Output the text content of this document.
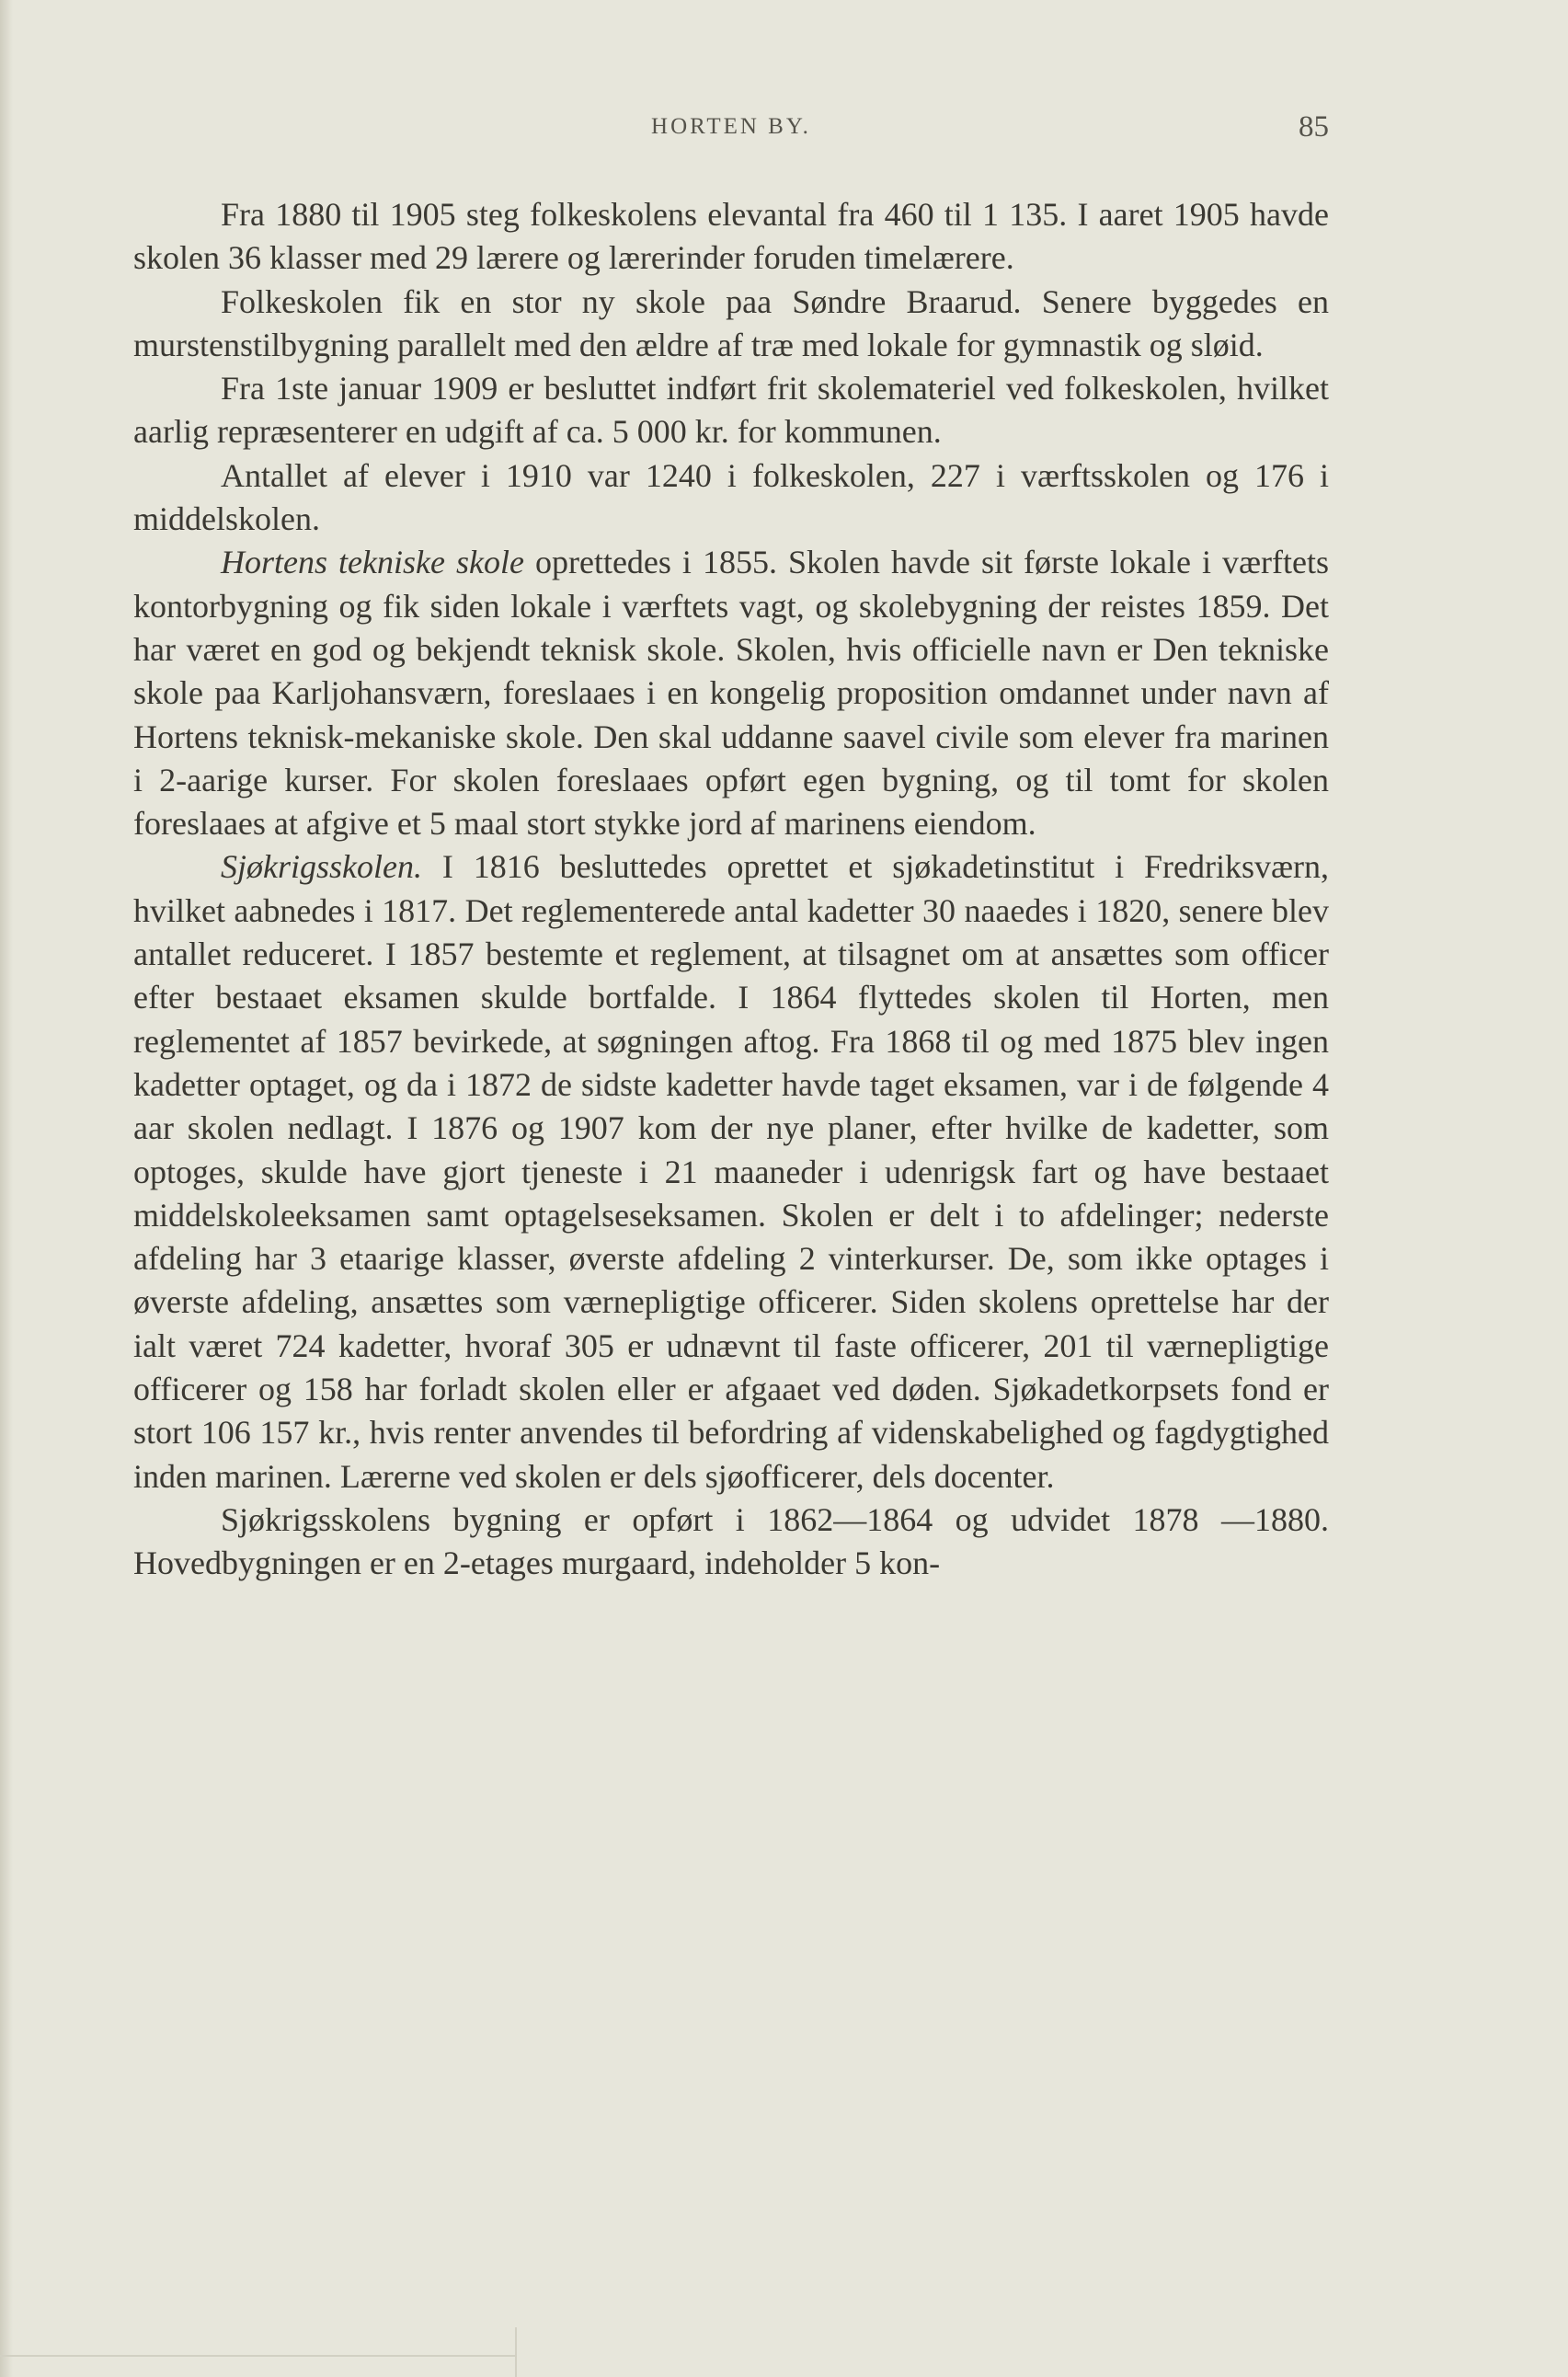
HORTEN BY.	85

Fra 1880 til 1905 steg folkeskolens elevantal fra 460 til 1 135. I aaret 1905 havde skolen 36 klasser med 29 lærere og lærerinder foruden timelærere.

Folkeskolen fik en stor ny skole paa Søndre Braarud. Senere byggedes en murstenstilbygning parallelt med den ældre af træ med lokale for gymnastik og sløid.

Fra 1ste januar 1909 er besluttet indført frit skolemateriel ved folkeskolen, hvilket aarlig repræsenterer en udgift af ca. 5 000 kr. for kommunen.

Antallet af elever i 1910 var 1240 i folkeskolen, 227 i værftsskolen og 176 i middelskolen.

Hortens tekniske skole oprettedes i 1855. Skolen havde sit første lokale i værftets kontorbygning og fik siden lokale i værftets vagt, og skolebygning der reistes 1859. Det har været en god og bekjendt teknisk skole. Skolen, hvis officielle navn er Den tekniske skole paa Karljohansværn, foreslaaes i en kongelig proposition omdannet under navn af Hortens teknisk-mekaniske skole. Den skal uddanne saavel civile som elever fra marinen i 2-aarige kurser. For skolen foreslaaes opført egen bygning, og til tomt for skolen foreslaaes at afgive et 5 maal stort stykke jord af marinens eiendom.

Sjøkrigsskolen. I 1816 besluttedes oprettet et sjøkadetinstitut i Fredriksværn, hvilket aabnedes i 1817. Det reglementerede antal kadetter 30 naaedes i 1820, senere blev antallet reduceret. I 1857 bestemte et reglement, at tilsagnet om at ansættes som officer efter bestaaet eksamen skulde bortfalde. I 1864 flyttedes skolen til Horten, men reglementet af 1857 bevirkede, at søgningen aftog. Fra 1868 til og med 1875 blev ingen kadetter optaget, og da i 1872 de sidste kadetter havde taget eksamen, var i de følgende 4 aar skolen nedlagt. I 1876 og 1907 kom der nye planer, efter hvilke de kadetter, som optoges, skulde have gjort tjeneste i 21 maaneder i udenrigsk fart og have bestaaet middelskoleeksamen samt optagelseseksamen. Skolen er delt i to afdelinger; nederste afdeling har 3 etaarige klasser, øverste afdeling 2 vinterkurser. De, som ikke optages i øverste afdeling, ansættes som værnepligtige officerer. Siden skolens oprettelse har der ialt været 724 kadetter, hvoraf 305 er udnævnt til faste officerer, 201 til værnepligtige officerer og 158 har forladt skolen eller er afgaaet ved døden. Sjøkadetkorpsets fond er stort 106 157 kr., hvis renter anvendes til befordring af videnskabelighed og fagdygtighed inden marinen. Lærerne ved skolen er dels sjøofficerer, dels docenter.

Sjøkrigsskolens bygning er opført i 1862—1864 og udvidet 1878 —1880. Hovedbygningen er en 2-etages murgaard, indeholder 5 kon-
